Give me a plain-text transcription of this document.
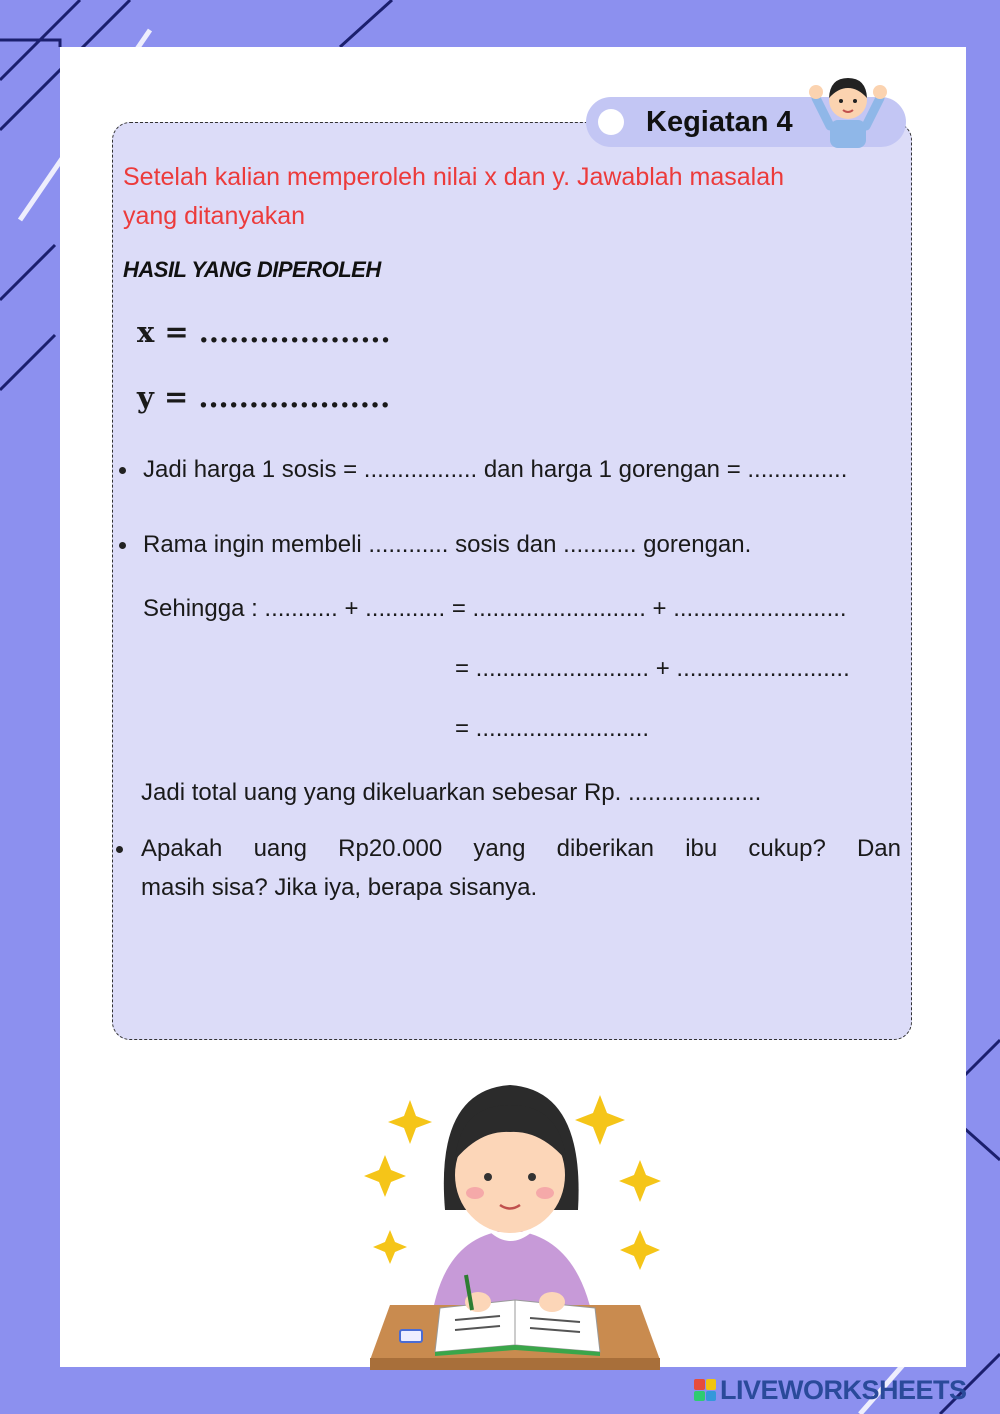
Kegiatan 4
Setelah kalian memperoleh nilai x dan y. Jawablah masalah
yang ditanyakan
HASIL YANG DIPEROLEH
x = ...................
y = ...................
Jadi harga 1 sosis = ................. dan harga 1 gorengan = ...............
Rama ingin membeli ............ sosis dan ........... gorengan.
Sehingga : ........... + ............ = .......................... + ..........................
= .......................... + ..........................
= ..........................
Jadi total uang yang dikeluarkan sebesar Rp. ....................
Apakah uang Rp20.000 yang diberikan ibu cukup? Dan
masih sisa? Jika iya, berapa sisanya.
LIVEWORKSHEETS
